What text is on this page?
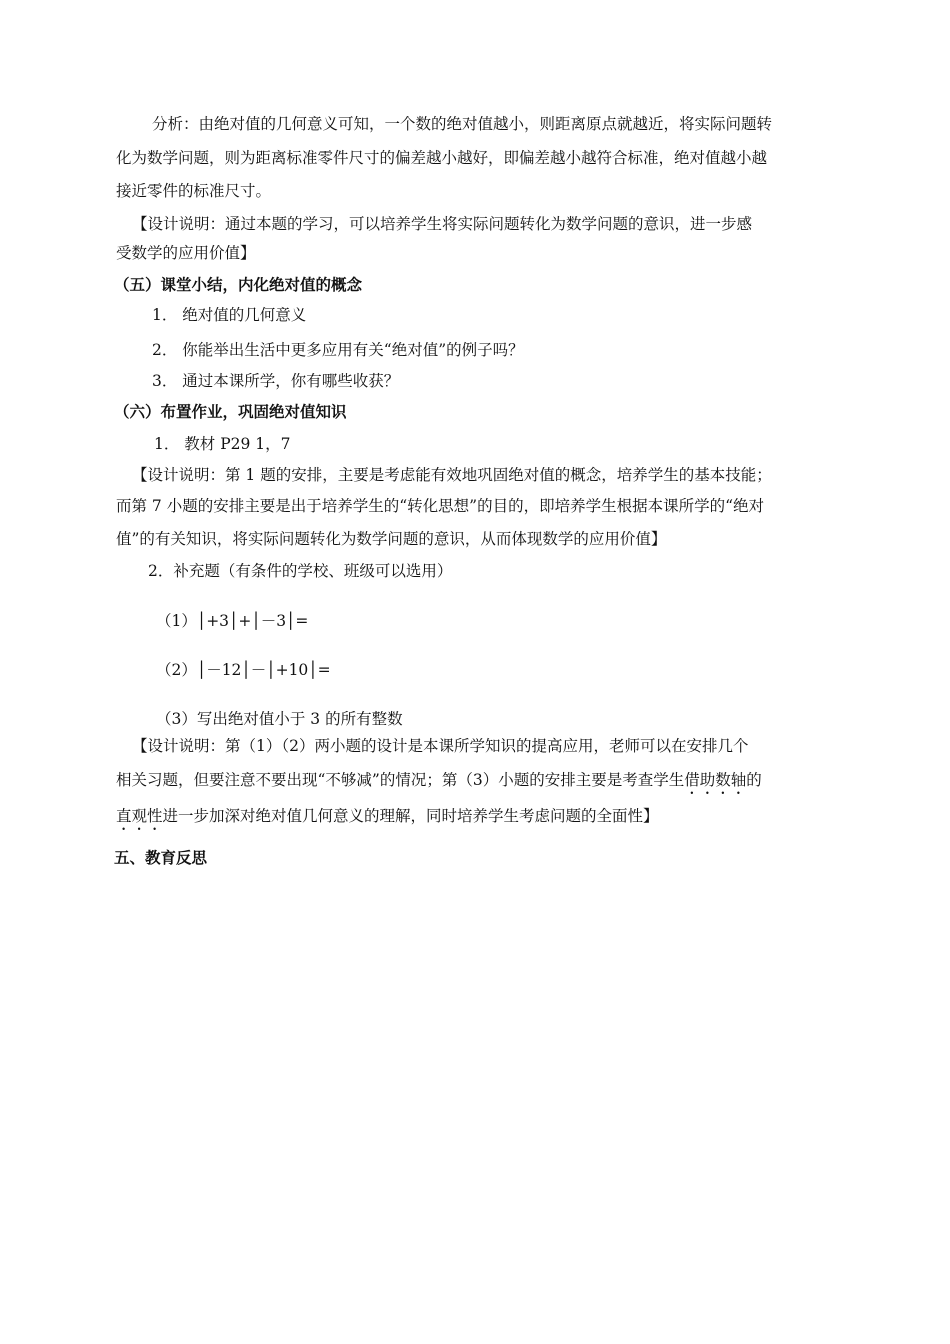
分析：由绝对值的几何意义可知，一个数的绝对值越小，则距离原点就越近，将实际问题转
化为数学问题，则为距离标准零件尺寸的偏差越小越好，即偏差越小越符合标准，绝对值越小越
接近零件的标准尺寸。
【设计说明：通过本题的学习，可以培养学生将实际问题转化为数学问题的意识，进一步感
受数学的应用价值】
（五）课堂小结，内化绝对值的概念
1． 绝对值的几何意义
2． 你能举出生活中更多应用有关“绝对值”的例子吗？
3． 通过本课所学，你有哪些收获？
（六）布置作业，巩固绝对值知识
1． 教材 P29 1，7
【设计说明：第 1 题的安排，主要是考虑能有效地巩固绝对值的概念，培养学生的基本技能；
而第 7 小题的安排主要是出于培养学生的“转化思想”的目的，即培养学生根据本课所学的“绝对
值”的有关知识，将实际问题转化为数学问题的意识，从而体现数学的应用价值】
2．补充题（有条件的学校、班级可以选用）
（1）│+3│+│－3│=
（2）│－12│－│+10│=
（3）写出绝对值小于 3 的所有整数
【设计说明：第（1）（2）两小题的设计是本课所学知识的提高应用，老师可以在安排几个
相关习题，但要注意不要出现“不够减”的情况；第（3）小题的安排主要是考查学生借助数轴的
直观性进一步加深对绝对值几何意义的理解，同时培养学生考虑问题的全面性】
五、教育反思
